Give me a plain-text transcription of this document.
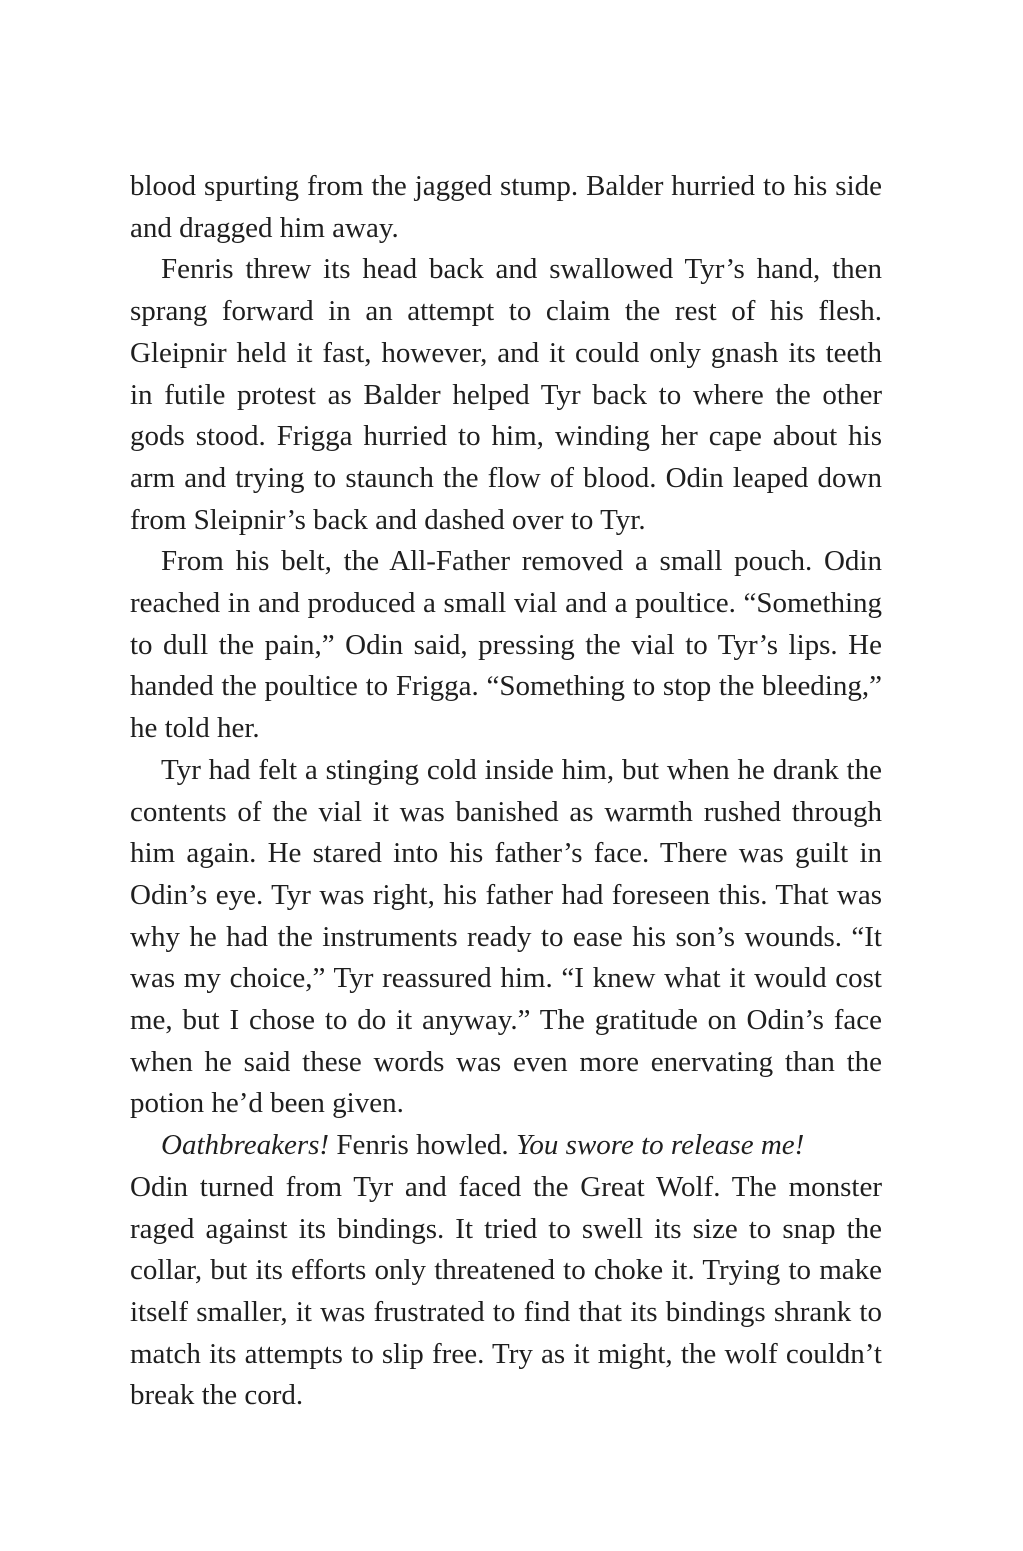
blood spurting from the jagged stump. Balder hurried to his side and dragged him away.

Fenris threw its head back and swallowed Tyr’s hand, then sprang forward in an attempt to claim the rest of his flesh. Gleipnir held it fast, however, and it could only gnash its teeth in futile protest as Balder helped Tyr back to where the other gods stood. Frigga hurried to him, winding her cape about his arm and trying to staunch the flow of blood. Odin leaped down from Sleipnir’s back and dashed over to Tyr.

From his belt, the All-Father removed a small pouch. Odin reached in and produced a small vial and a poultice. “Something to dull the pain,” Odin said, pressing the vial to Tyr’s lips. He handed the poultice to Frigga. “Something to stop the bleeding,” he told her.

Tyr had felt a stinging cold inside him, but when he drank the contents of the vial it was banished as warmth rushed through him again. He stared into his father’s face. There was guilt in Odin’s eye. Tyr was right, his father had foreseen this. That was why he had the instruments ready to ease his son’s wounds. “It was my choice,” Tyr reassured him. “I knew what it would cost me, but I chose to do it anyway.” The gratitude on Odin’s face when he said these words was even more enervating than the potion he’d been given.

Oathbreakers! Fenris howled. You swore to release me!

Odin turned from Tyr and faced the Great Wolf. The monster raged against its bindings. It tried to swell its size to snap the collar, but its efforts only threatened to choke it. Trying to make itself smaller, it was frustrated to find that its bindings shrank to match its attempts to slip free. Try as it might, the wolf couldn’t break the cord.
